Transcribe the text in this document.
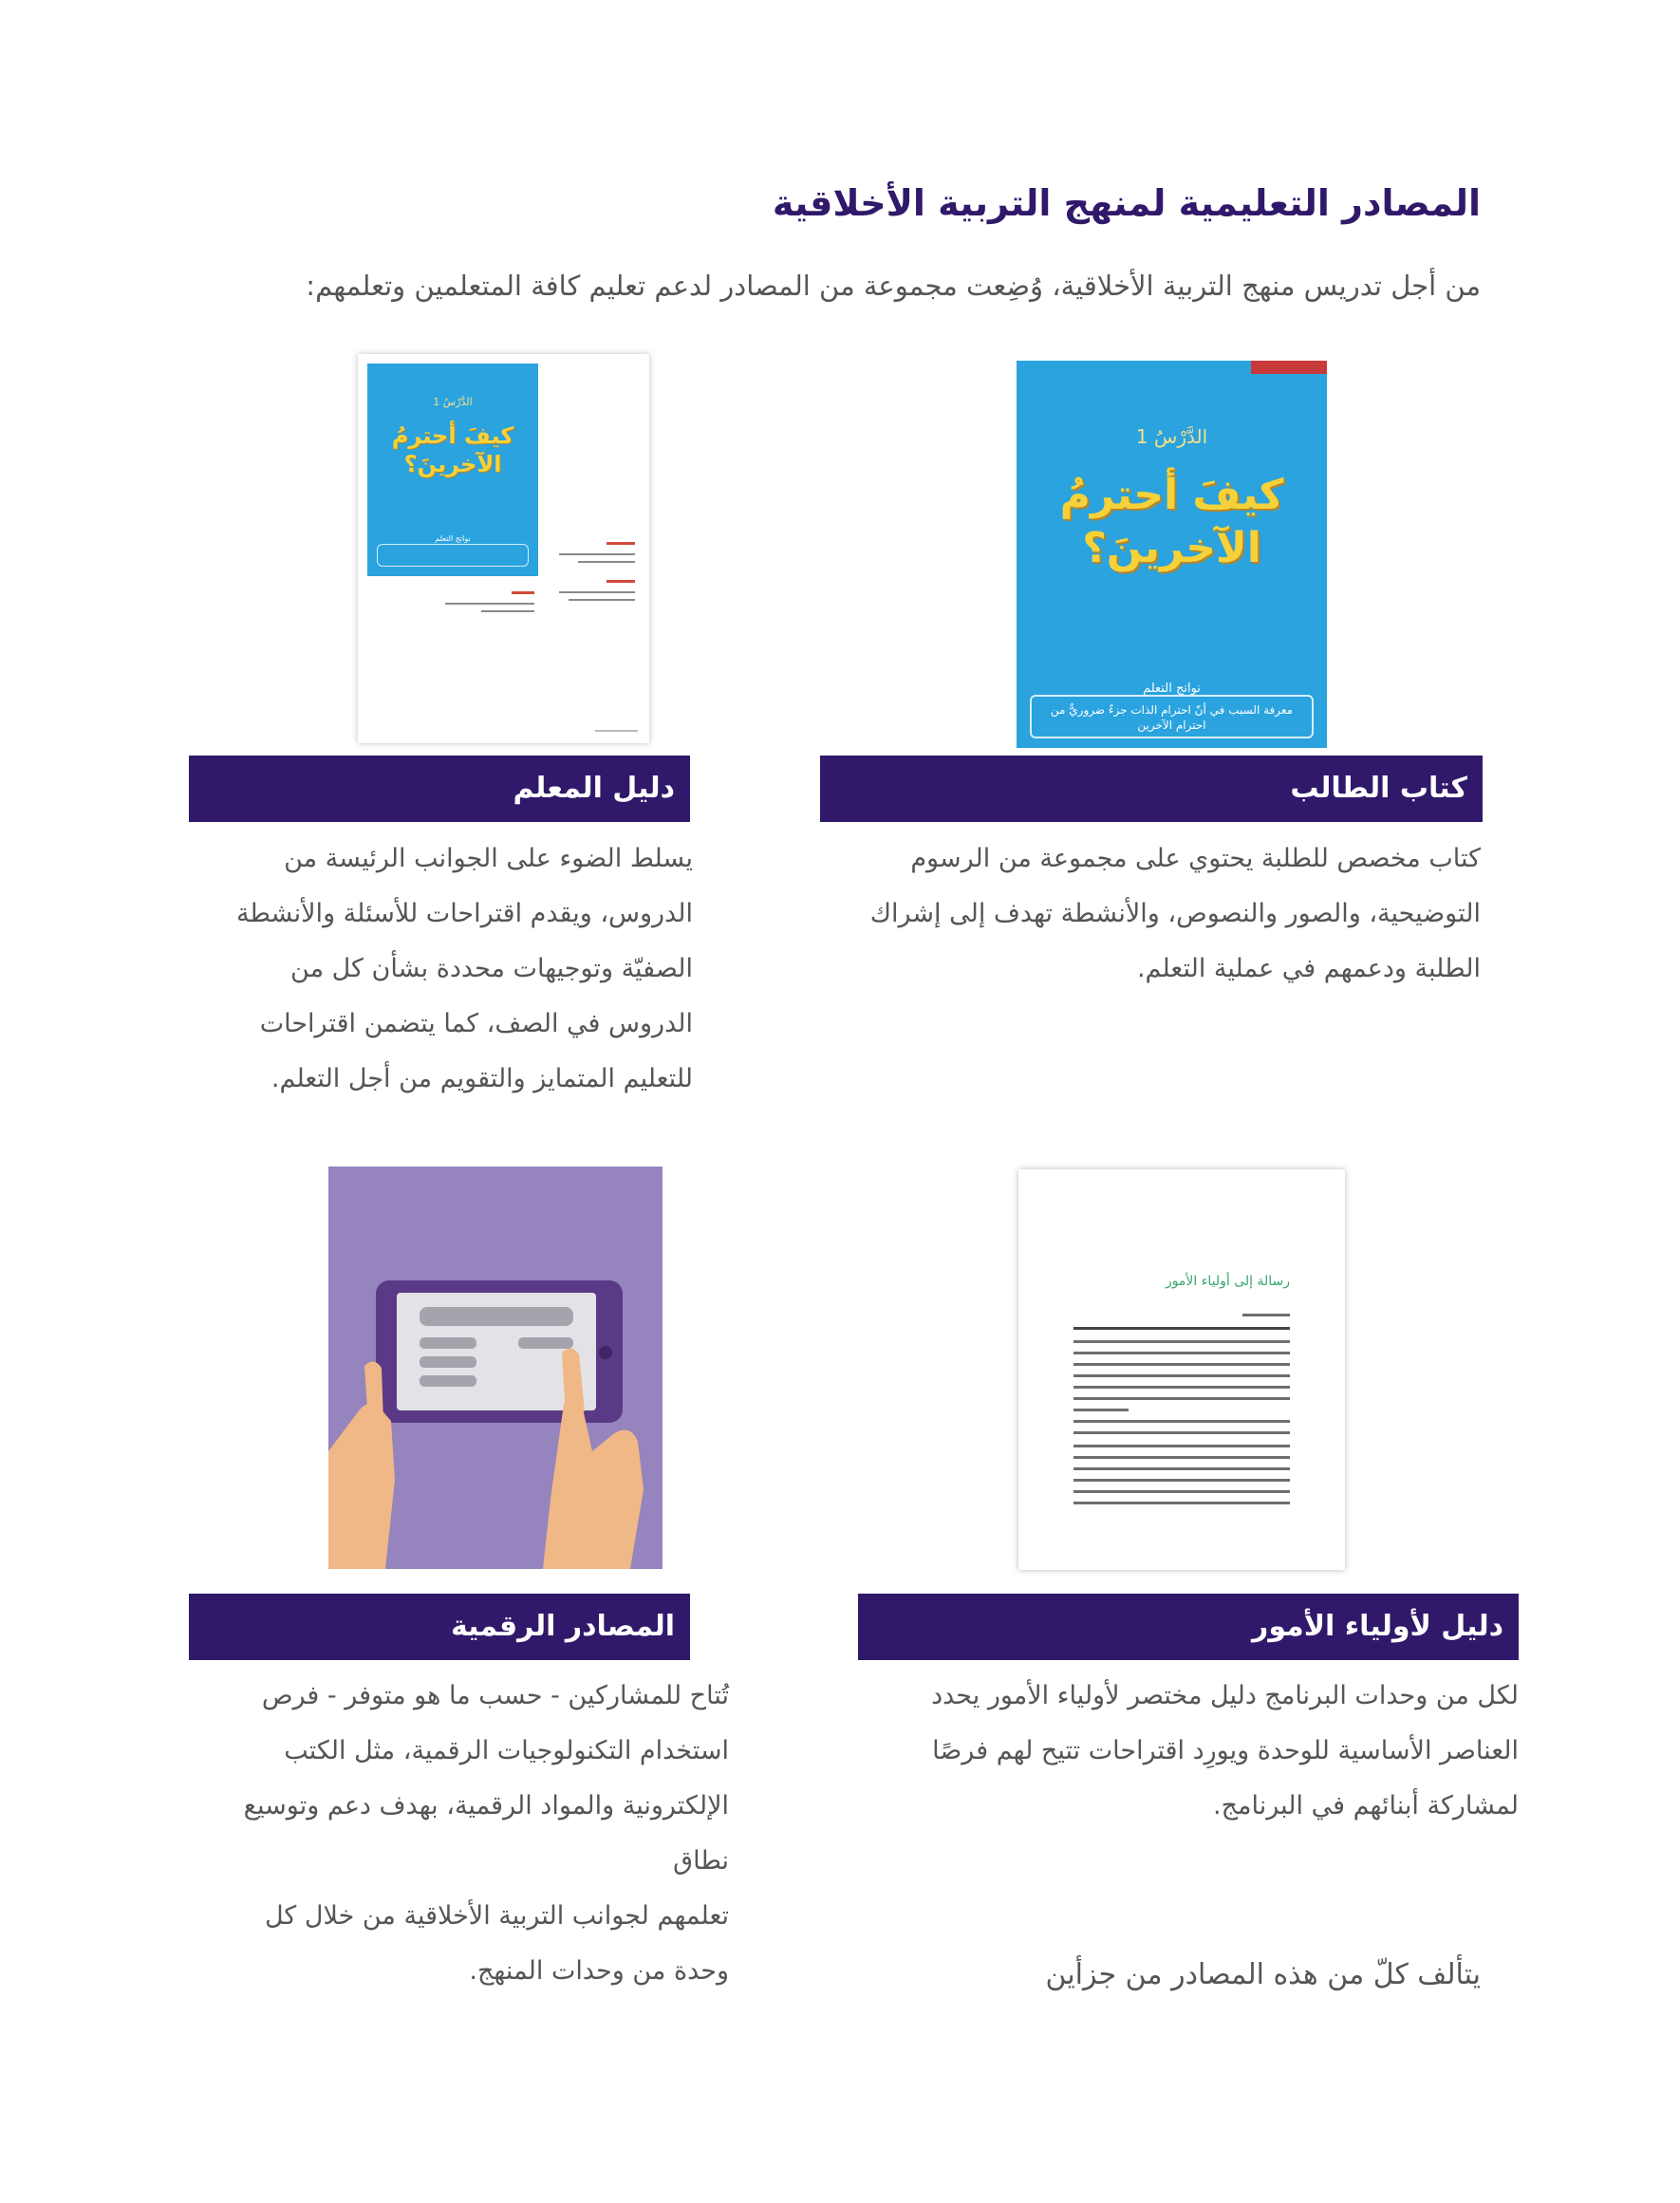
المصادر التعليمية لمنهج التربية الأخلاقية

من أجل تدريس منهج التربية الأخلاقية، وُضِعت مجموعة من المصادر لدعم تعليم كافة المتعلمين وتعلمهم:

الدَّرْسُ 1
كيفَ أحترمُ
الآخرينَ؟
نواتج التعلم
معرفة السبب في أنّ احترام الذات جزءٌ ضروريٌّ من احترام الآخرين
كتاب الطالب

كتاب مخصص للطلبة يحتوي على مجموعة من الرسوم

التوضيحية، والصور والنصوص، والأنشطة تهدف إلى إشراك

الطلبة ودعمهم في عملية التعلم.

الدَّرْسُ 1
كيفَ أحترمُ
الآخرينَ؟
نواتج التعلم
دليل المعلم

يسلط الضوء على الجوانب الرئيسة من

الدروس، ويقدم اقتراحات للأسئلة والأنشطة

الصفيّة وتوجيهات محددة بشأن كل من

الدروس في الصف، كما يتضمن اقتراحات

للتعليم المتمايز والتقويم من أجل التعلم.

رسالة إلى أولياء الأمور
دليل لأولياء الأمور

لكل من وحدات البرنامج دليل مختصر لأولياء الأمور يحدد

العناصر الأساسية للوحدة ويورِد اقتراحات تتيح لهم فرصًا

لمشاركة أبنائهم في البرنامج.

المصادر الرقمية

تُتاح للمشاركين - حسب ما هو متوفر - فرص

استخدام التكنولوجيات الرقمية، مثل الكتب

الإلكترونية والمواد الرقمية، بهدف دعم وتوسيع نطاق

تعلمهم لجوانب التربية الأخلاقية من خلال كل

وحدة من وحدات المنهج.	يتألف كلّ من هذه المصادر من جزأين
